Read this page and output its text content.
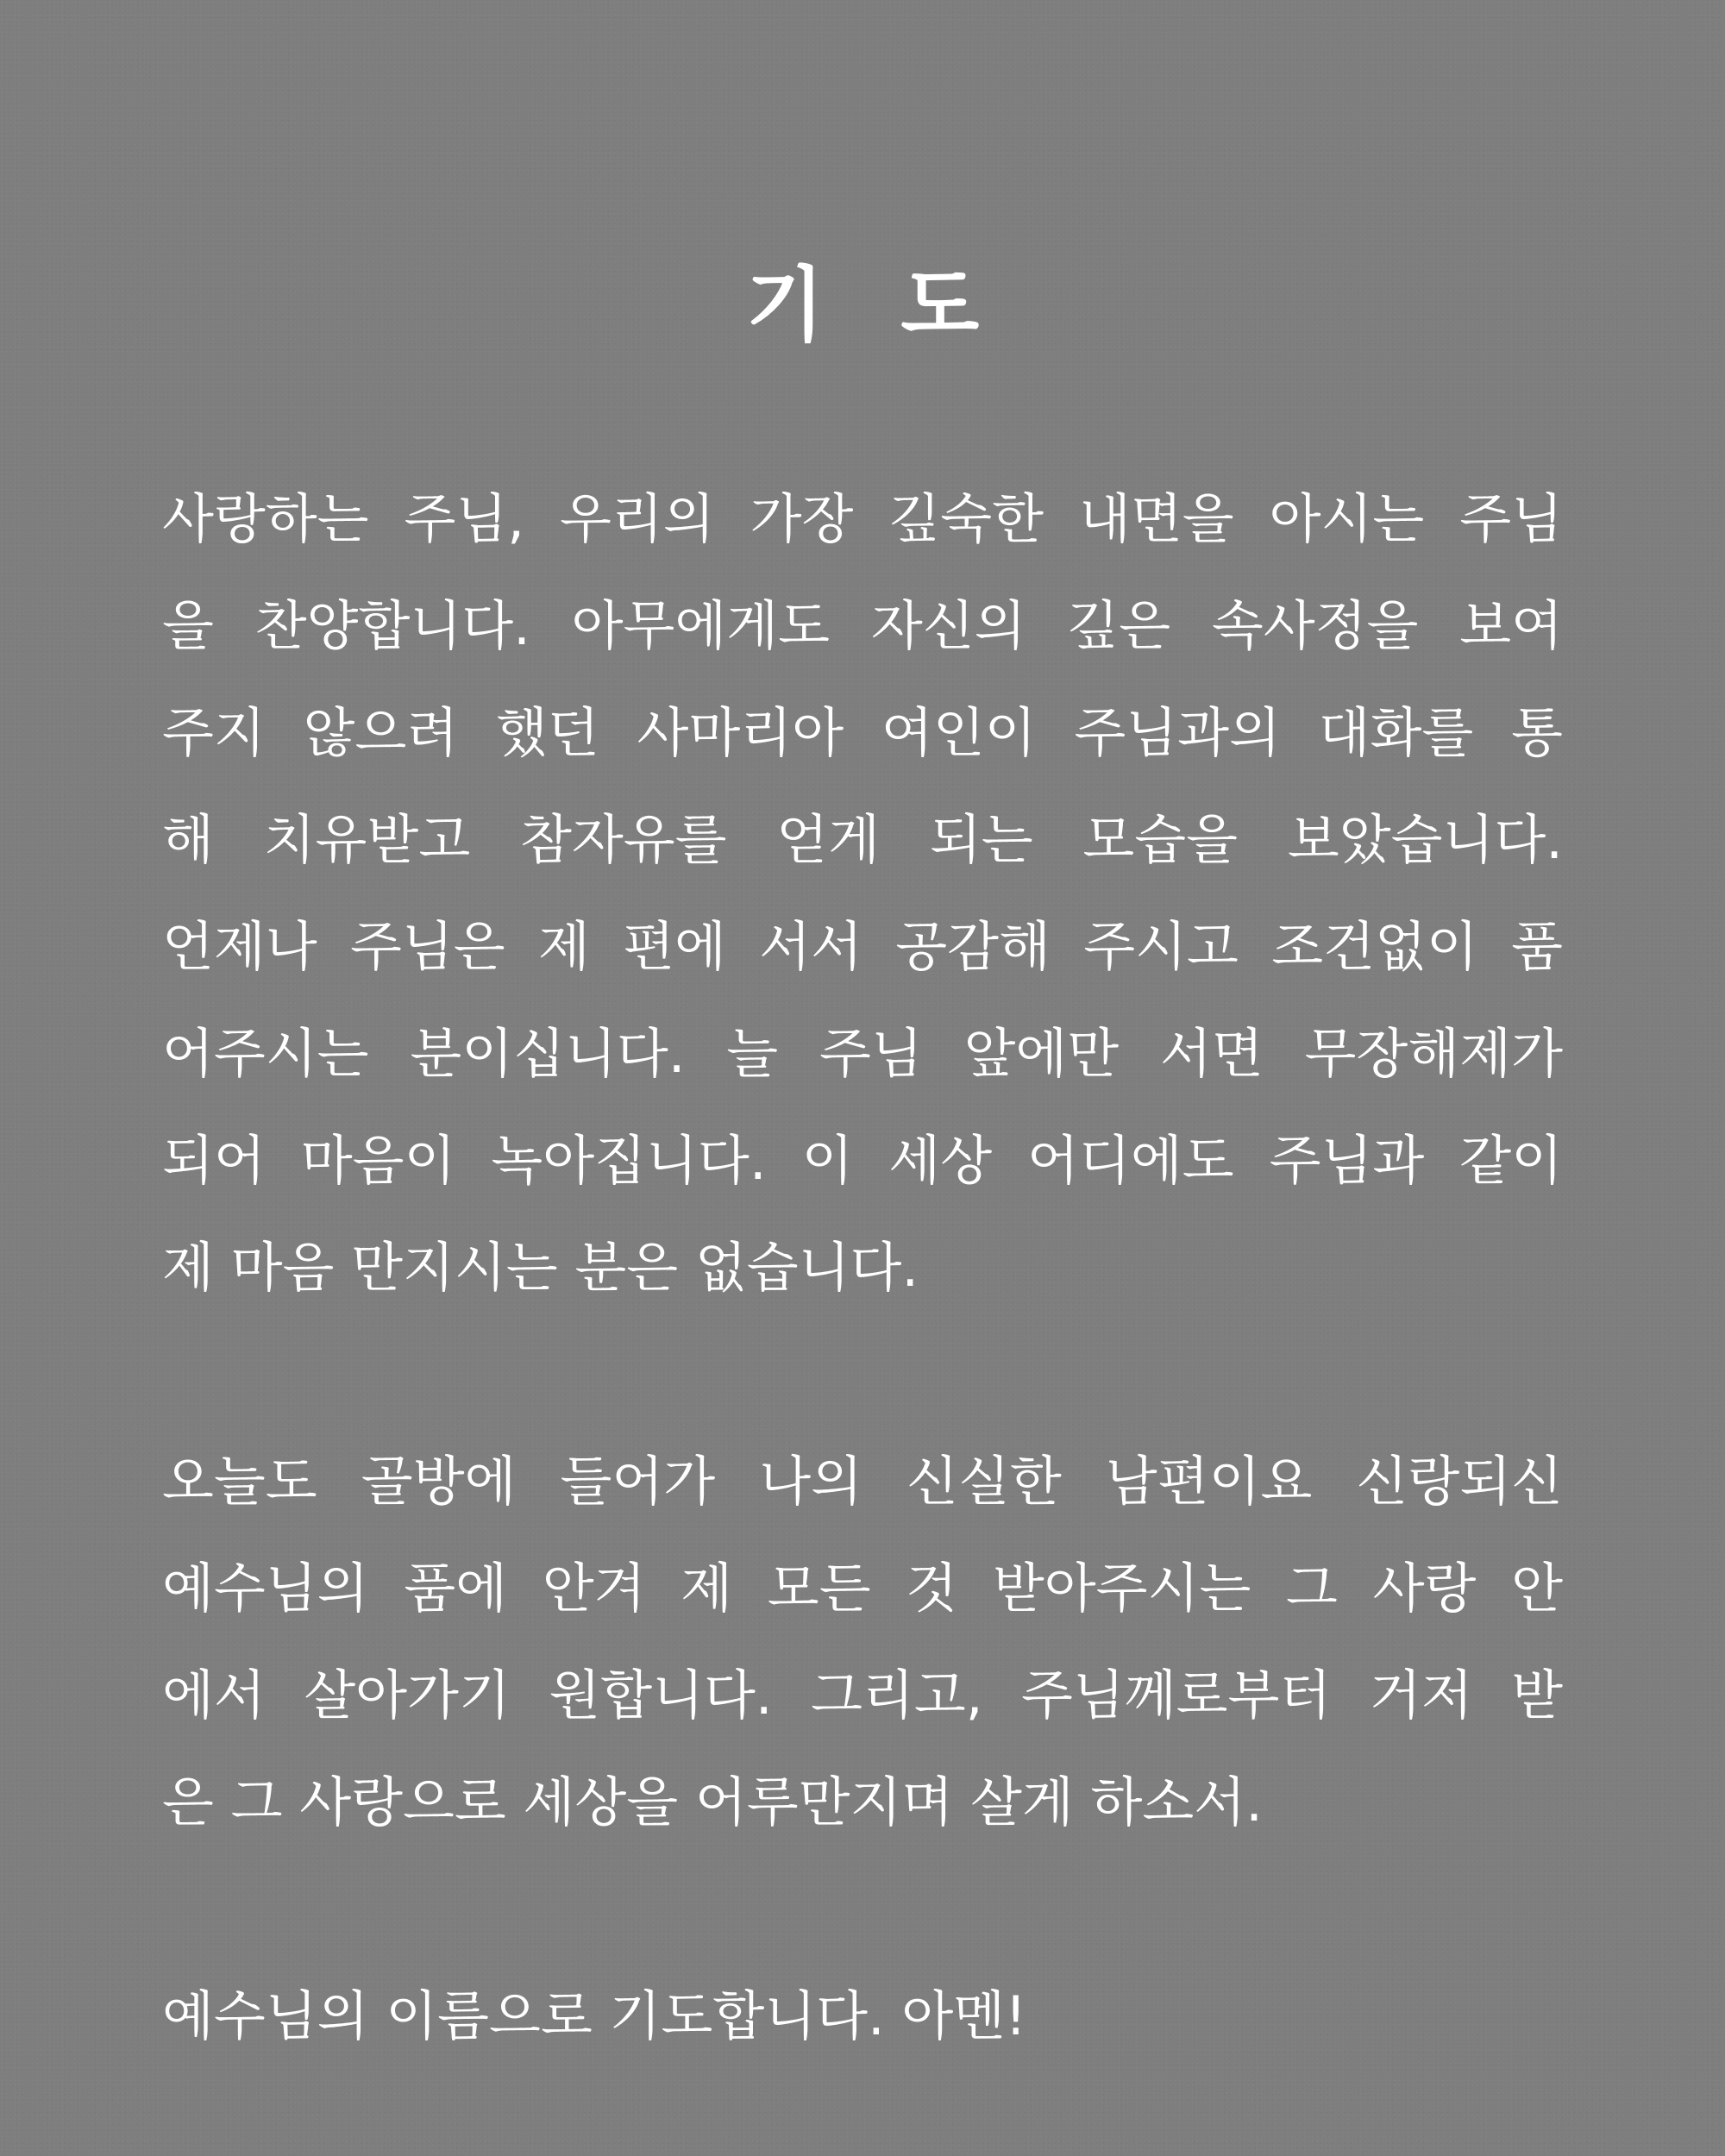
기 도
사랑하는 주님, 우리의 가장 깊숙한 내면을 아시는 주님
을 찬양합니다. 아무에게도 자신의 깊은 속사정을 보여
주지 않으려 했던 사마리아 여인이 주님과의 대화를 통
해 치유받고 참자유를 얻게 되는 모습을 보았습니다.
언제나 주님은 제 편에 서서 공감해 주시고 조건없이 품
어주시는 분이십니다. 늘 주님 앞에만 서면 무장해제가
되어 마음이 녹아집니다. 이 세상 어디에도 주님과 같이
제 마음 만지시는 분은 없습니다.
오늘도 골방에 들어가 나의 신실한 남편이요 신랑되신
예수님의 품에 안겨 제 모든 것 받아주시는 그 사랑 안
에서 살아가기 원합니다. 그리고, 주님께로부터 거저 받
은 그 사랑으로 세상을 어루만지며 살게 하소서.
예수님의 이름으로 기도합니다. 아멘!
